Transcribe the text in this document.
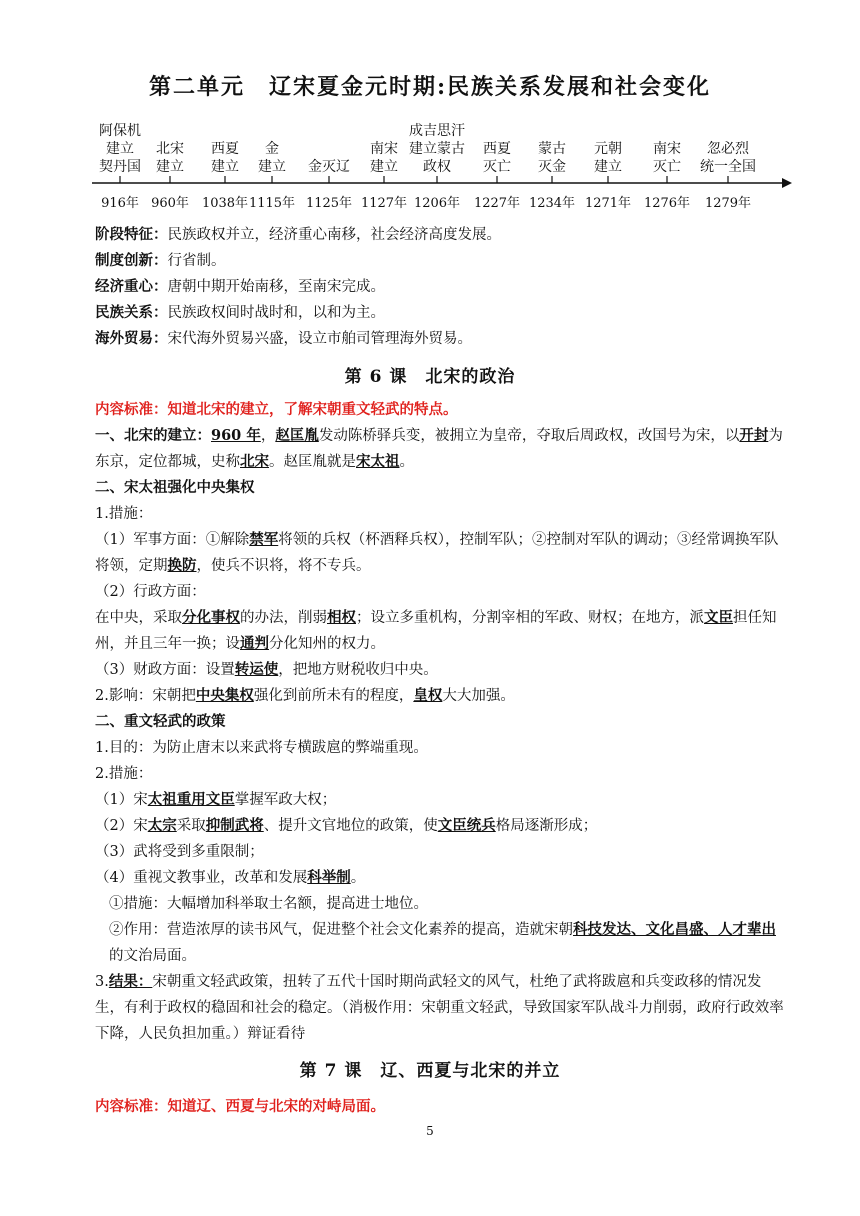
第二单元　辽宋夏金元时期:民族关系发展和社会变化
阿保机
建立
契丹国
916年
北宋
建立
960年
西夏
建立
1038年
金
建立
1115年
金灭辽
1125年
南宋
建立
1127年
成吉思汗
建立蒙古
政权
1206年
西夏
灭亡
1227年
蒙古
灭金
1234年
元朝
建立
1271年
南宋
灭亡
1276年
忽必烈
统一全国
1279年

阶段特征：民族政权并立，经济重心南移，社会经济高度发展。

制度创新：行省制。

经济重心：唐朝中期开始南移，至南宋完成。

民族关系：民族政权间时战时和，以和为主。

海外贸易：宋代海外贸易兴盛，设立市舶司管理海外贸易。

第 6 课　北宋的政治

内容标准：知道北宋的建立，了解宋朝重文轻武的特点。

一、北宋的建立：960 年，赵匡胤发动陈桥驿兵变，被拥立为皇帝，夺取后周政权，改国号为宋，以开封为东京，定位都城，史称北宋。赵匡胤就是宋太祖。

二、宋太祖强化中央集权

1.措施：

（1）军事方面：①解除禁军将领的兵权（杯酒释兵权），控制军队；②控制对军队的调动；③经常调换军队将领，定期换防，使兵不识将，将不专兵。

（2）行政方面：

在中央，采取分化事权的办法，削弱相权；设立多重机构，分割宰相的军政、财权；在地方，派文臣担任知州，并且三年一换；设通判分化知州的权力。

（3）财政方面：设置转运使，把地方财税收归中央。

2.影响：宋朝把中央集权强化到前所未有的程度，皇权大大加强。

二、重文轻武的政策

1.目的：为防止唐末以来武将专横跋扈的弊端重现。

2.措施：

（1）宋太祖重用文臣掌握军政大权；

（2）宋太宗采取抑制武将、提升文官地位的政策，使文臣统兵格局逐渐形成；

（3）武将受到多重限制；

（4）重视文教事业，改革和发展科举制。

①措施：大幅增加科举取士名额，提高进士地位。

②作用：营造浓厚的读书风气，促进整个社会文化素养的提高，造就宋朝科技发达、文化昌盛、人才辈出的文治局面。

3.结果：宋朝重文轻武政策，扭转了五代十国时期尚武轻文的风气，杜绝了武将跋扈和兵变政移的情况发生，有利于政权的稳固和社会的稳定。（消极作用：宋朝重文轻武，导致国家军队战斗力削弱，政府行政效率下降，人民负担加重。）辩证看待

第 7 课　辽、西夏与北宋的并立

内容标准：知道辽、西夏与北宋的对峙局面。

5
